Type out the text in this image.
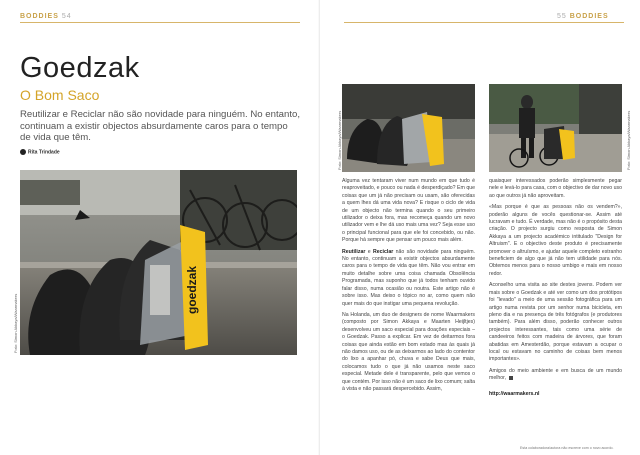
BODDIES 54
Goedzak
O Bom Saco
Reutilizar e Reciclar não são novidade para ninguém. No entanto, continuam a existir objectos absurdamente caros para o tempo de vida que têm.
Rita Trindade
goedzak
Foto: Simon Akkaya/Waarmakers
55 BODDIES
Foto: Simon Akkaya/Waarmakers	Foto: Simon Akkaya/Waarmakers

Alguma vez tentaram viver num mundo em que tudo é reaproveitado, e pouco ou nada é desperdiçado? Em que coisas que um já não precisam ou usam, são oferecidas a quem lhes dá uma vida nova? E risque o ciclo de vida de um objecto não termina quando o seu primeiro utilizador o deixa fora, mas recomeça quando um novo utilizador vem e lhe dá uso mais uma vez? Seja esse uso o principal funcional para que ele foi concebido, ou não. Porque há sempre que pensar um pouco mais além.

Reutilizar e Reciclar não são novidade para ninguém. No entanto, continuam a existir objectos absurdamente caros para o tempo de vida que têm. Não vou entrar em muito detalhe sobre uma coisa chamada Obsolência Programada, mas suponho que já todos tenham ouvido falar disso, numa ocasião ou noutra. Este artigo não é sobre isso. Mas deixo o tópico no ar, como quem não quer mais do que instigar uma pequena revolução.

Na Holanda, um duo de designers de nome Waarmakers (composto por Simon Akkaya e Maarten Heijltjes) desenvolveu um saco especial para doações especiais – o Goedzak. Passo a explicar. Em vez de deitarmos fora coisas que ainda estão em bom estado mas às quais já não damos uso, ou de as deixarmos ao lado do contentor do lixo a apanhar pó, chuva e sabe Deus que mais, colocamos tudo o que já não usamos neste saco especial. Metade dele é transparente, pelo que vemos o que contém. Por isso não é um saco de lixo comum; salta à vista e não passará despercebido. Assim,

quaisquer interessados poderão simplesmente pegar nele e levá-lo para casa, com o objectivo de dar novo uso ao que outros já não aproveitam.

«Mas porque é que as pessoas não os vendem?», poderão alguns de vocês questionar-se. Assim até lucravam e tudo. É verdade, mas não é o propósito desta criação. O projecto surgiu como resposta de Simon Akkaya a um projecto académico intitulado "Design for Altruism". E o objectivo deste produto é precisamente promover o altruísmo, e ajudar aquele completo estranho beneficiem de algo que já não tem utilidade para nós. Obtemos menos para o nosso umbigo e mais em nosso redor.

Aconselho uma visita ao site destes jovens. Podem ver mais sobre o Goedzak e até ver como um dos protótipos foi "levado" a meio de uma sessão fotográfica para um artigo numa revista por um senhor numa bicicleta, em pleno dia e na presença de três fotógrafos (e produtores também). Para além disso, poderão conhecer outros projectos interessantes, tais como uma série de candeeiros feitos com madeira de árvores, que foram abatidas em Amesterdão, porque estavam a ocupar o local ou estavam no caminho de coisas bem menos importantes».

Amigos do meio ambiente e em busca de um mundo melhor,

http://waarmakers.nl
Esta colaboradora/autora não escreve com o novo acordo.
